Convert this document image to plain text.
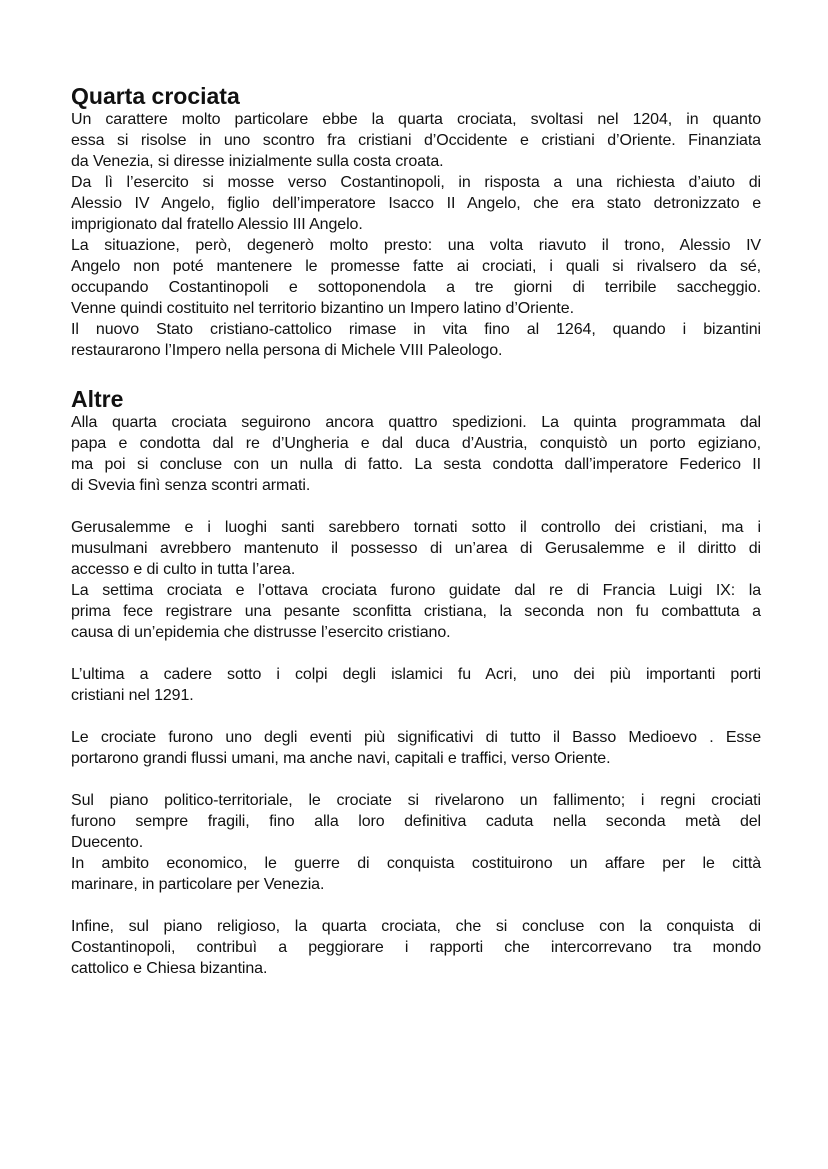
Quarta crociata
Un carattere molto particolare ebbe la quarta crociata, svoltasi nel 1204, in quanto
essa si risolse in uno scontro fra cristiani d’Occidente e cristiani d’Oriente. Finanziata
da Venezia, si diresse inizialmente sulla costa croata.
Da lì l’esercito si mosse verso Costantinopoli, in risposta a una richiesta d’aiuto di
Alessio IV Angelo, figlio dell’imperatore Isacco II Angelo, che era stato detronizzato e
imprigionato dal fratello Alessio III Angelo.
La situazione, però, degenerò molto presto: una volta riavuto il trono, Alessio IV
Angelo non poté mantenere le promesse fatte ai crociati, i quali si rivalsero da sé,
occupando Costantinopoli e sottoponendola a tre giorni di terribile saccheggio.
Venne quindi costituito nel territorio bizantino un Impero latino d’Oriente.
Il nuovo Stato cristiano-cattolico rimase in vita fino al 1264, quando i bizantini
restaurarono l’Impero nella persona di Michele VIII Paleologo.
Altre
Alla quarta crociata seguirono ancora quattro spedizioni. La quinta programmata dal
papa e condotta dal re d’Ungheria e dal duca d’Austria, conquistò un porto egiziano,
ma poi si concluse con un nulla di fatto. La sesta condotta dall’imperatore Federico II
di Svevia finì senza scontri armati.
Gerusalemme e i luoghi santi sarebbero tornati sotto il controllo dei cristiani, ma i
musulmani avrebbero mantenuto il possesso di un’area di Gerusalemme e il diritto di
accesso e di culto in tutta l’area.
La settima crociata e l’ottava crociata furono guidate dal re di Francia Luigi IX: la
prima fece registrare una pesante sconfitta cristiana, la seconda non fu combattuta a
causa di un’epidemia che distrusse l’esercito cristiano.
L’ultima a cadere sotto i colpi degli islamici fu Acri, uno dei più importanti porti
cristiani nel 1291.
Le crociate furono uno degli eventi più significativi di tutto il Basso Medioevo . Esse
portarono grandi flussi umani, ma anche navi, capitali e traffici, verso Oriente.
Sul piano politico-territoriale, le crociate si rivelarono un fallimento; i regni crociati
furono sempre fragili, fino alla loro definitiva caduta nella seconda metà del
Duecento.
In ambito economico, le guerre di conquista costituirono un affare per le città
marinare, in particolare per Venezia.
Infine, sul piano religioso, la quarta crociata, che si concluse con la conquista di
Costantinopoli, contribuì a peggiorare i rapporti che intercorrevano tra mondo
cattolico e Chiesa bizantina.
